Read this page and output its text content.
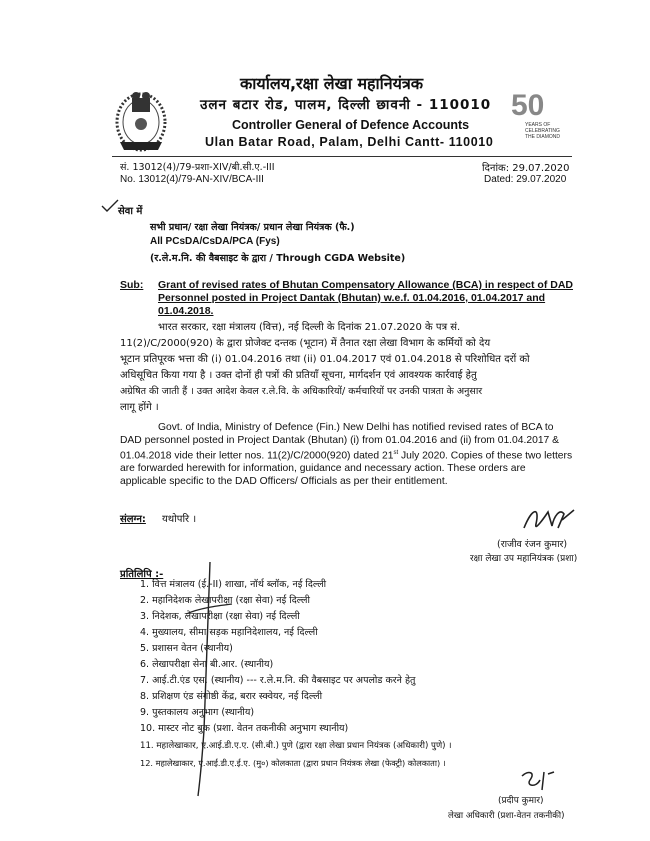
कार्यालय,रक्षा लेखा महानियंत्रक
उलन बटार रोड, पालम, दिल्ली छावनी - 110010
Controller General of Defence Accounts
Ulan Batar Road, Palam, Delhi Cantt- 110010
50
YEARS OF CELEBRATING THE DIAMOND
सं. 13012(4)/79-प्रशा-XIV/बी.सी.ए.-III
No. 13012(4)/79-AN-XIV/BCA-III
दिनांक: 29.07.2020
Dated: 29.07.2020
सेवा में
सभी प्रधान/ रक्षा लेखा नियंत्रक/ प्रधान लेखा नियंत्रक (फै.)
All PCsDA/CsDA/PCA (Fys)
(र.ले.म.नि. की वैबसाइट के द्वारा / Through CGDA Website)
Sub: Grant of revised rates of Bhutan Compensatory Allowance (BCA) in respect of DAD
Personnel posted in Project Dantak (Bhutan) w.e.f. 01.04.2016, 01.04.2017 and
01.04.2018.
भारत सरकार, रक्षा मंत्रालय (वित्त), नई दिल्ली के दिनांक 21.07.2020 के पत्र सं.
11(2)/C/2000(920) के द्वारा प्रोजेक्ट दन्तक (भूटान) में तैनात रक्षा लेखा विभाग के कर्मियों को देय
भूटान प्रतिपूरक भत्ता की (i) 01.04.2016 तथा (ii) 01.04.2017 एवं 01.04.2018 से परिशोधित दरों को
अधिसूचित किया गया है । उक्त दोनों ही पत्रों की प्रतियाँ सूचना, मार्गदर्शन एवं आवश्यक कार्रवाई हेतु
अग्रेषित की जाती हैं । उक्त आदेश केवल र.ले.वि. के अधिकारियों/ कर्मचारियों पर उनकी पात्रता के अनुसार
लागू होंगे ।
Govt. of India, Ministry of Defence (Fin.) New Delhi has notified revised rates of BCA to
DAD personnel posted in Project Dantak (Bhutan) (i) from 01.04.2016 and (ii) from 01.04.2017 &
01.04.2018 vide their letter nos. 11(2)/C/2000(920) dated 21st July 2020. Copies of these two letters
are forwarded herewith for information, guidance and necessary action. These orders are
applicable specific to the DAD Officers/ Officials as per their entitlement.
संलग्न: यथोपरि ।
(राजीव रंजन कुमार)
रक्षा लेखा उप महानियंत्रक (प्रशा)
प्रतिलिपि :-
1. वित्त मंत्रालय (ई.-II) शाखा, नॉर्थ ब्लॉक, नई दिल्ली
2. महानिदेशक लेखापरीक्षा (रक्षा सेवा) नई दिल्ली
3. निदेशक, लेखापरीक्षा (रक्षा सेवा) नई दिल्ली
4. मुख्यालय, सीमा सड़क महानिदेशालय, नई दिल्ली
5. प्रशासन वेतन (स्थानीय)
6. लेखापरीक्षा सेना बी.आर. (स्थानीय)
7. आई.टी.एंड एस. (स्थानीय) --- र.ले.म.नि. की वैबसाइट पर अपलोड करने हेतु
8. प्रशिक्षण एंड संगोष्ठी केंद्र, बरार स्क्वेयर, नई दिल्ली
9. पुस्तकालय अनुभाग (स्थानीय)
10. मास्टर नोट बुक (प्रशा. वेतन तकनीकी अनुभाग स्थानीय)
11. महालेखाकार, ए.आई.डी.ए.ए. (सी.बी.) पुणे (द्वारा रक्षा लेखा प्रधान नियंत्रक (अधिकारी) पुणे) ।
12. महालेखाकार, ए.आई.डी.ए.ई.ए. (मु०) कोलकाता (द्वारा प्रधान नियंत्रक लेखा (फेक्ट्री) कोलकाता) ।
(प्रदीप कुमार)
लेखा अधिकारी (प्रशा-वेतन तकनीकी)
